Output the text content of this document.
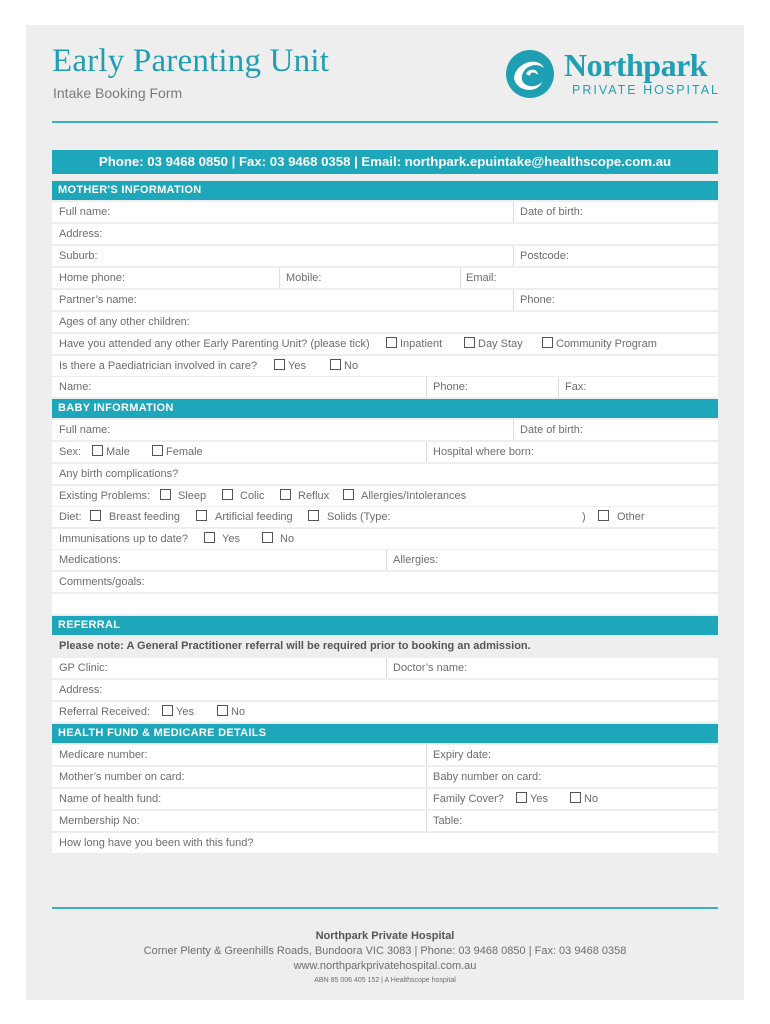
Early Parenting Unit
Intake Booking Form
Northpark
PRIVATE HOSPITAL
Phone: 03 9468 0850 | Fax: 03 9468 0358 | Email: northpark.epuintake@healthscope.com.au
MOTHER'S INFORMATION
Full name:	Date of birth:
Address:
Suburb:	Postcode:
Home phone:	Mobile:	Email:
Partner’s name:	Phone:
Ages of any other children:
Have you attended any other Early Parenting Unit? (please tick)	Inpatient	Day Stay	Community Program
Is there a Paediatrician involved in care?	Yes	No
Name:	Phone:	Fax:
BABY INFORMATION
Full name:	Date of birth:
Sex:	Male	Female	Hospital where born:
Any birth complications?
Existing Problems:	Sleep	Colic	Reflux	Allergies/Intolerances
Diet:	Breast feeding	Artificial feeding	Solids (Type:	)	Other
Immunisations up to date?	Yes	No
Medications:	Allergies:
Comments/goals:
REFERRAL
Please note: A General Practitioner referral will be required prior to booking an admission.
GP Clinic:	Doctor’s name:
Address:
Referral Received:	Yes	No
HEALTH FUND & MEDICARE DETAILS
Medicare number:	Expiry date:
Mother’s number on card:	Baby number on card:
Name of health fund:	Family Cover?	Yes	No
Membership No:	Table:
How long have you been with this fund?
Northpark Private Hospital
Corner Plenty & Greenhills Roads, Bundoora VIC 3083 | Phone: 03 9468 0850 | Fax: 03 9468 0358
www.northparkprivatehospital.com.au
ABN 85 006 405 152 | A Healthscope hospital
